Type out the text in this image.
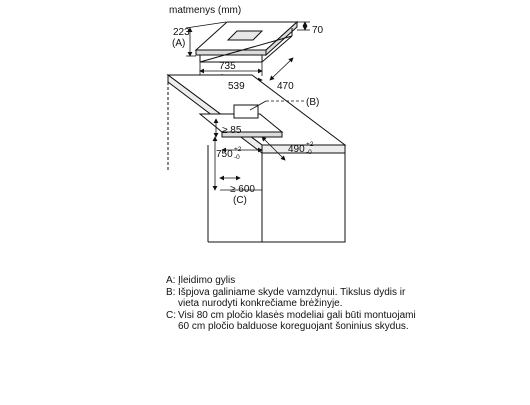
matmenys (mm)
223
(A)
70
735
539	470
(B)
≥ 85
750 +2
-0
490 +2
-0
≥ 600
(C)
A: Įleidimo gylis
B: Išpjova galiniame skyde vamzdynui. Tikslus dydis ir vieta nurodyti konkrečiame brėžinyje.
C: Visi 80 cm pločio klasės modeliai gali būti montuojami 60 cm pločio balduose koreguojant šoninius skydus.
